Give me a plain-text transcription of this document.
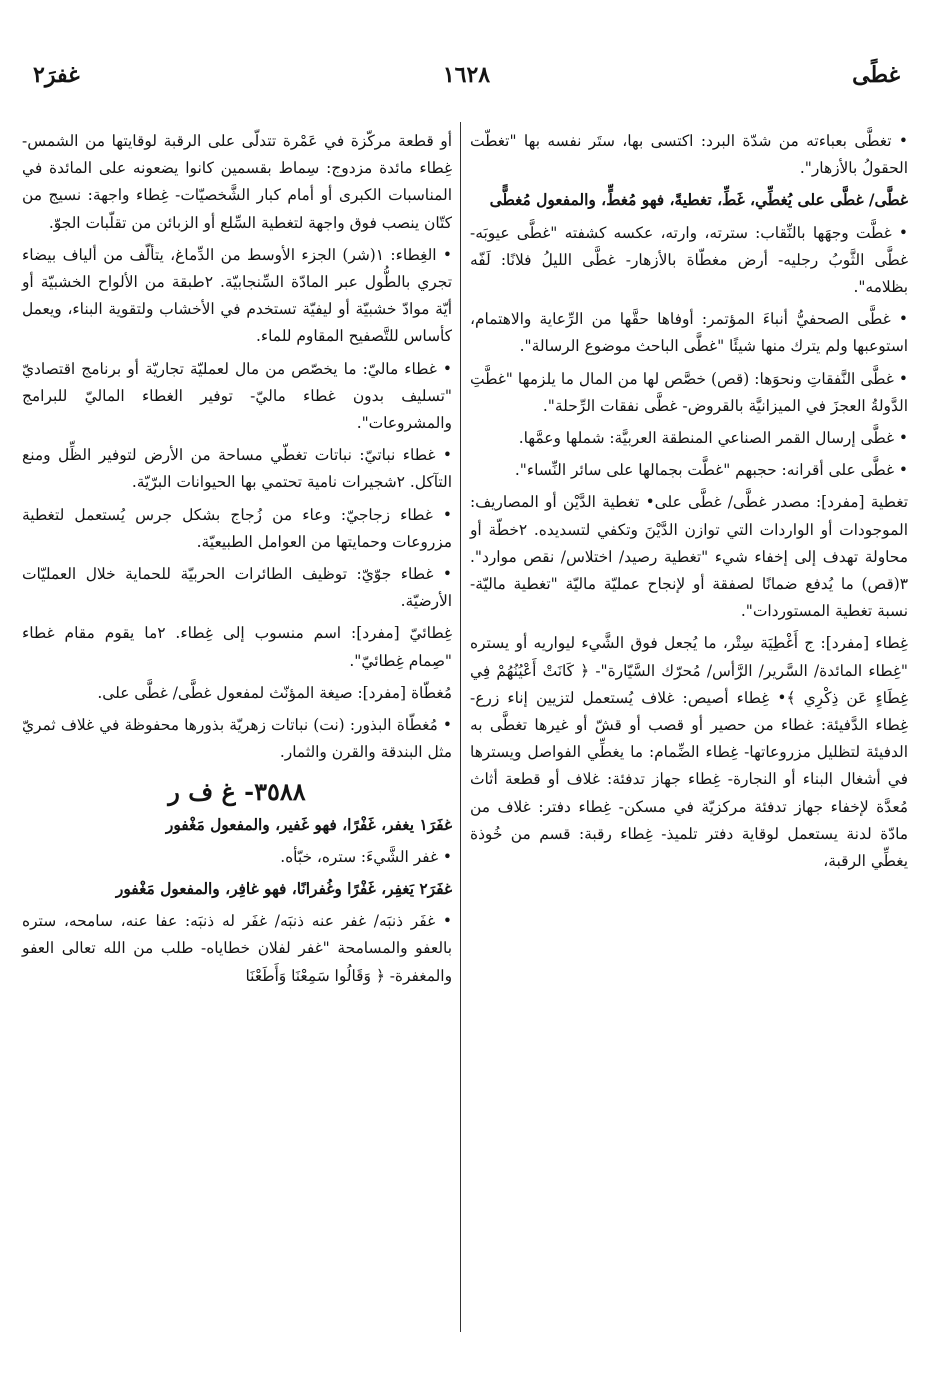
غطًى
١٦٢٨
غفرَ٢

• تغطَّى بعباءته من شدّة البرد: اكتسى بها، ستَر نفسه بها "تغطّت الحقولُ بالأزهار".

غطَّى/ غطَّى على يُغطِّي، غَطِّ، تغطيةً، فهو مُغطٍّ، والمفعول مُغطًّى

• غطَّت وجهَها بالنِّقاب: سترته، وارته، عكسه كشفته "غطَّى عيوبَه- غطَّى الثَّوبُ رجليه- أرض مغطّاة بالأزهار- غطَّى الليلُ فلانًا: لَفّه بظلامه".

• غطَّى الصحفيُّ أنباءَ المؤتمر: أوفاها حقَّها من الرِّعاية والاهتمام، استوعبها ولم يترك منها شيئًا "غطَّى الباحث موضوع الرسالة".

• غطَّى النَّفقاتِ ونحوَها: (قص) خصَّص لها من المال ما يلزمها "غطَّتِ الدَّولةُ العجزَ في الميزانيَّة بالقروض- غطَّى نفقات الرِّحلة".

• غطَّى إرسال القمر الصناعي المنطقة العربيَّة: شملها وعمَّها.

• غطَّى على أقرانه: حجبهم "غطَّت بجمالها على سائر النِّساء".

تغطية [مفرد]: مصدر غطَّى/ غطَّى على• تغطية الدَّيْن أو المصاريف: الموجودات أو الواردات التي توازن الدَّيْنَ وتكفي لتسديده. ٢خطّة أو محاولة تهدف إلى إخفاء شيء "تغطية رصيد/ اختلاس/ نقص موارد". ٣(قص) ما يُدفع ضمانًا لصفقة أو لإنجاح عمليّة ماليّة "تغطية ماليّة- نسبة تغطية المستوردات".

غِطاء [مفرد]: ج أَغْطِيَة سِتْر، ما يُجعل فوق الشَّيء ليواريه أو يستره "غِطاء المائدة/ السَّرير/ الرَّأس/ مُحرّك السَّيّارة"- ﴿ كَانَتْ أَعْيُنُهُمْ فِي غِطَاءٍ عَن ذِكْرِي ﴾• غِطاء أصيص: غلاف يُستعمل لتزيين إناء زرع- غِطاء الدَّفيئة: غطاء من حصير أو قصب أو قشّ أو غيرها تغطَّى به الدفيئة لتظليل مزروعاتها- غِطاء الضِّمام: ما يغطِّي الفواصل ويسترها في أشغال البناء أو النجارة- غِطاء جهاز تدفئة: غلاف أو قطعة أثاث مُعدَّة لإخفاء جهاز تدفئة مركزيّة في مسكن- غِطاء دفتر: غلاف من مادّة لدنة يستعمل لوقاية دفتر تلميذ- غِطاء رقبة: قسم من خُوذة يغطِّي الرقبة،

أو قطعة مركّزة في عَمْرة تتدلّى على الرقبة لوقايتها من الشمس- غِطاء مائدة مزدوج: سِماط بقسمين كانوا يضعونه على المائدة في المناسبات الكبرى أو أمام كبار الشَّخصيّات- غِطاء واجهة: نسيج من كتّان ينصب فوق واجهة لتغطية السِّلع أو الزبائن من تقلّبات الجوّ.

• الغِطاء: ١(شر) الجزء الأوسط من الدِّماغ، يتألّف من ألياف بيضاء تجري بالطُّول عبر المادّة السِّنجابيّة. ٢طبقة من الألواح الخشبيّة أو أيّة موادّ خشبيّة أو ليفيّة تستخدم في الأخشاب ولتقوية البناء، ويعمل كأساس للتَّصفيح المقاوم للماء.

• غطاء ماليّ: ما يخصّص من مال لعمليّة تجاريّة أو برنامج اقتصاديّ "تسليف بدون غطاء ماليّ- توفير الغطاء الماليّ للبرامج والمشروعات".

• غطاء نباتيّ: نباتات تغطّي مساحة من الأرض لتوفير الظِّل ومنع التآكل. ٢شجيرات نامية تحتمي بها الحيوانات البرّيّة.

• غطاء زجاجيّ: وعاء من زُجاج بشكل جرس يُستعمل لتغطية مزروعات وحمايتها من العوامل الطبيعيّة.

• غطاء جوّيّ: توظيف الطائرات الحربيّة للحماية خلال العمليّات الأرضيّة.

غِطائيّ [مفرد]: اسم منسوب إلى غِطاء. ٢ما يقوم مقام غطاء "صِمام غِطائيّ".

مُغطّاة [مفرد]: صيغة المؤنّث لمفعول غطَّى/ غطَّى على.

• مُغطّاة البذور: (نت) نباتات زهريّة بذورها محفوظة في غلاف ثمريّ مثل البندقة والقرن والثمار.

٣٥٨٨- غ ف ر

غفَرَ١ يغفر، غَفْرًا، فهو غَفير، والمفعول مَغْفور

• غفر الشَّيءَ: ستره، خبّأه.

غفَرَ٢ يَغفِر، غَفْرًا وغُفرانًا، فهو غافِر، والمفعول مَغْفور

• غفَر ذنبَه/ غفر عنه ذنبَه/ غفَر له ذنبَه: عفا عنه، سامحه، ستره بالعفو والمسامحة "غفر لفلان خطاياه- طلب من الله تعالى العفو والمغفرة- ﴿ وَقَالُوا سَمِعْنَا وَأَطَعْنَا
